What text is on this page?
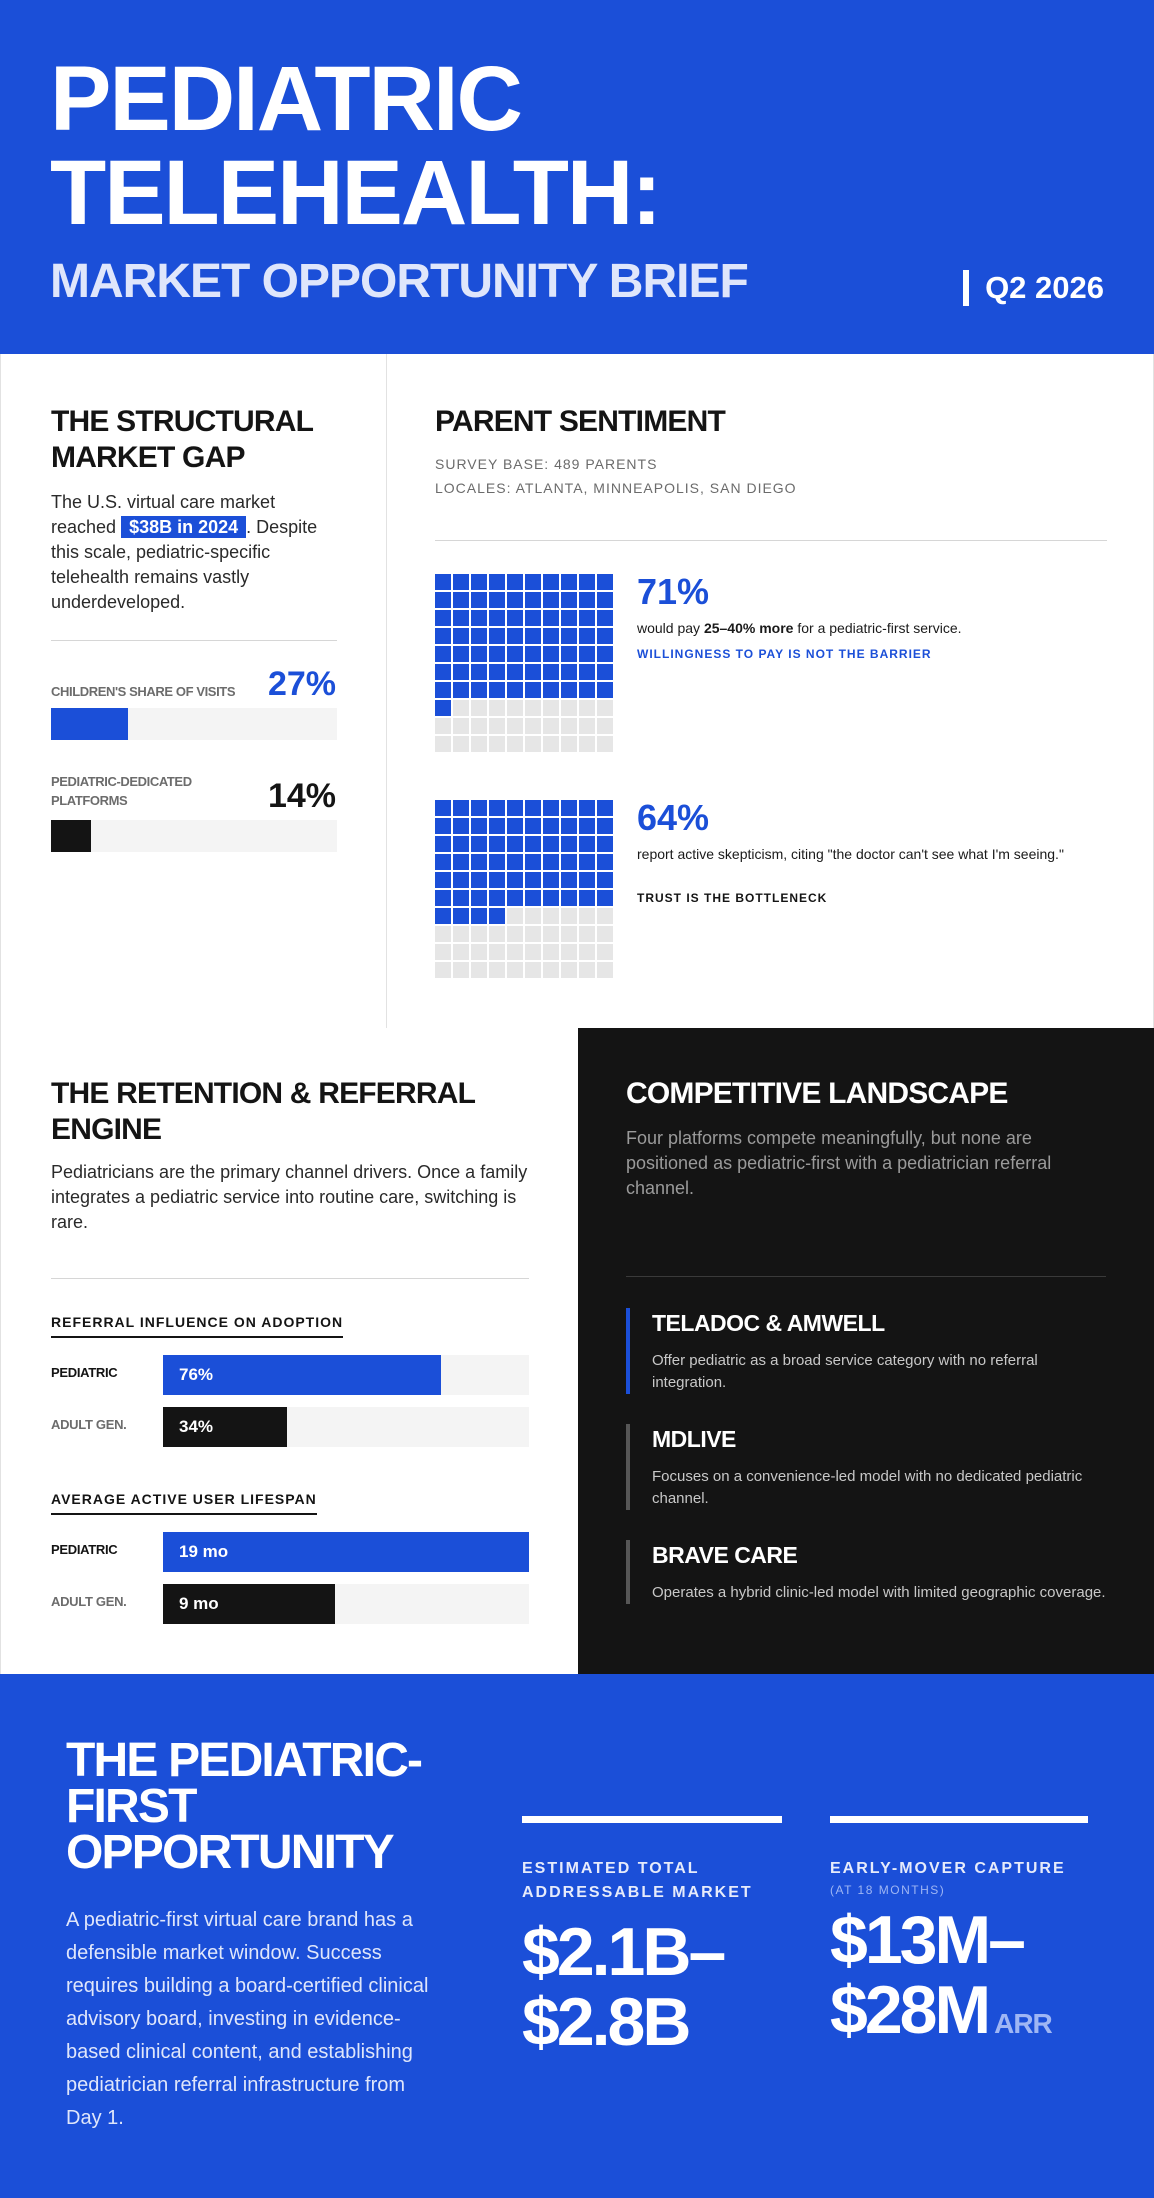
PEDIATRIC
TELEHEALTH:
MARKET OPPORTUNITY BRIEF	Q2 2026
THE STRUCTURAL MARKET GAP

The U.S. virtual care market reached $38B in 2024 . Despite this scale, pediatric-specific telehealth remains vastly underdeveloped.

CHILDREN'S SHARE OF VISITS 27%
PEDIATRIC-DEDICATED PLATFORMS	14%
PARENT SENTIMENT
SURVEY BASE: 489 PARENTS
LOCALES: ATLANTA, MINNEAPOLIS, SAN DIEGO
71%

would pay 25–40% more for a pediatric-first service.

WILLINGNESS TO PAY IS NOT THE BARRIER
64%

report active skepticism, citing "the doctor can't see what I'm seeing."

TRUST IS THE BOTTLENECK
THE RETENTION & REFERRAL ENGINE

Pediatricians are the primary channel drivers. Once a family integrates a pediatric service into routine care, switching is rare.

REFERRAL INFLUENCE ON ADOPTION
PEDIATRIC	76%
ADULT GEN.	34%
AVERAGE ACTIVE USER LIFESPAN
PEDIATRIC	19 mo
ADULT GEN.	9 mo
COMPETITIVE LANDSCAPE

Four platforms compete meaningfully, but none are positioned as pediatric-first with a pediatrician referral channel.

TELADOC & AMWELL
Offer pediatric as a broad service category with no referral integration.
MDLIVE
Focuses on a convenience-led model with no dedicated pediatric channel.
BRAVE CARE
Operates a hybrid clinic-led model with limited geographic coverage.
THE PEDIATRIC-FIRST OPPORTUNITY

A pediatric-first virtual care brand has a defensible market window. Success requires building a board-certified clinical advisory board, investing in evidence-based clinical content, and establishing pediatrician referral infrastructure from Day 1.

ESTIMATED TOTAL ADDRESSABLE MARKET
$2.1B–
$2.8B
EARLY-MOVER CAPTURE
(AT 18 MONTHS)
$13M–
$28M ARR
